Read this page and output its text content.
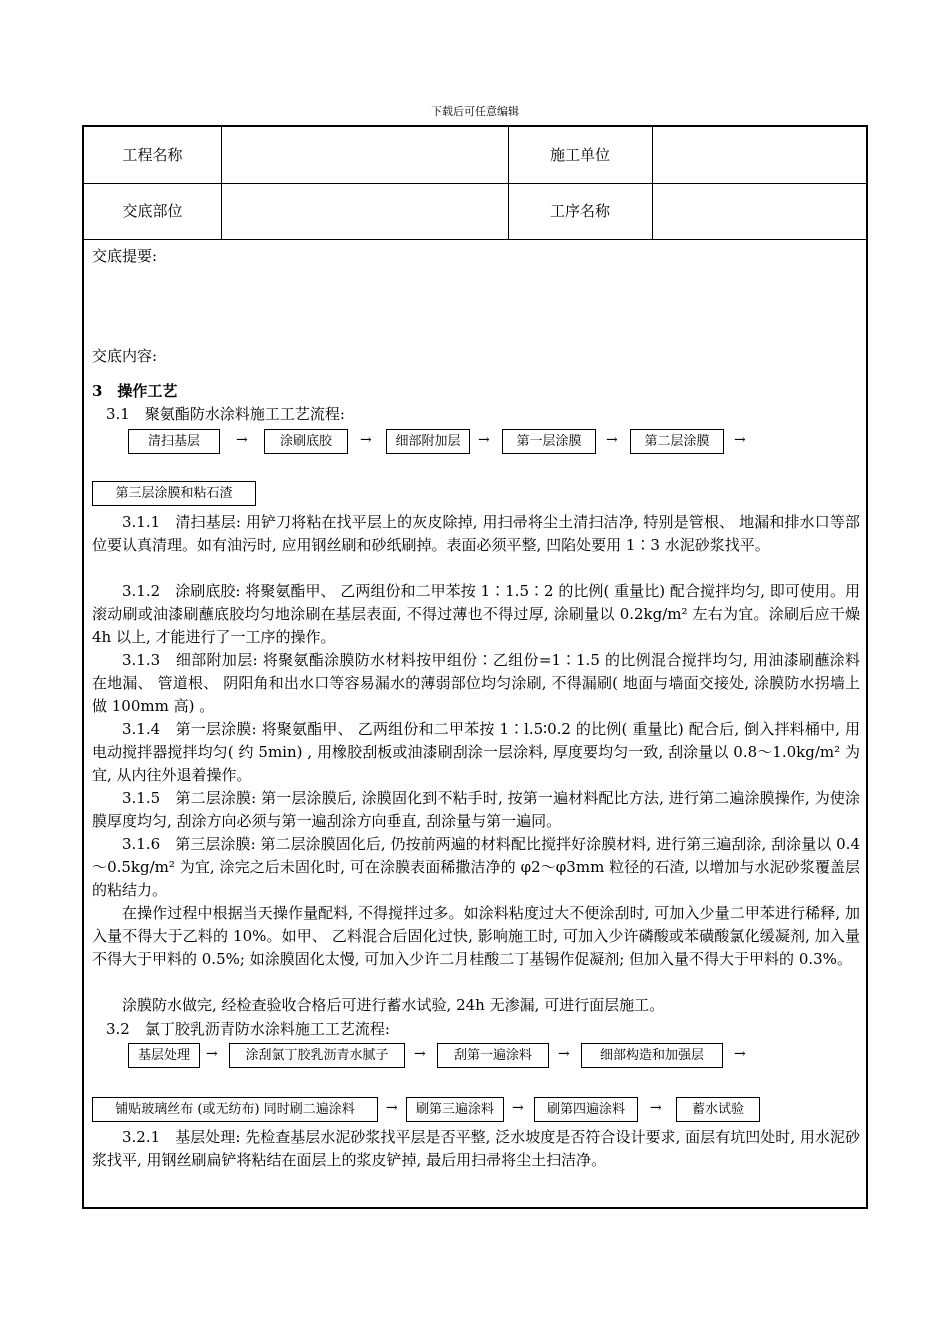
下载后可任意编辑
工程名称	施工单位
交底部位	工序名称
交底提要:
交底内容:
3　操作工艺
3.1　聚氨酯防水涂料施工工艺流程:
清扫基层	→	涂刷底胶	→	细部附加层	→	第一层涂膜	→	第二层涂膜	→
第三层涂膜和粘石渣
3.1.1　清扫基层: 用铲刀将粘在找平层上的灰皮除掉, 用扫帚将尘土清扫洁净, 特别是管根、 地漏和排水口等部位要认真清理。如有油污时, 应用钢丝刷和砂纸刷掉。表面必须平整, 凹陷处要用 1∶3 水泥砂浆找平。
3.1.2　涂刷底胶: 将聚氨酯甲、 乙两组份和二甲苯按 1∶1.5∶2 的比例( 重量比) 配合搅拌均匀, 即可使用。用滚动刷或油漆刷蘸底胶均匀地涂刷在基层表面, 不得过薄也不得过厚, 涂刷量以 0.2kg/m² 左右为宜。涂刷后应干燥 4h 以上, 才能进行了一工序的操作。
3.1.3　细部附加层: 将聚氨酯涂膜防水材料按甲组份∶乙组份=1∶1.5 的比例混合搅拌均匀, 用油漆刷蘸涂料在地漏、 管道根、 阴阳角和出水口等容易漏水的薄弱部位均匀涂刷, 不得漏刷( 地面与墙面交接处, 涂膜防水拐墙上做 100mm 高) 。
3.1.4　第一层涂膜: 将聚氨酯甲、 乙两组份和二甲苯按 1∶l.5∶0.2 的比例( 重量比) 配合后, 倒入拌料桶中, 用电动搅拌器搅拌均匀( 约 5min) , 用橡胶刮板或油漆刷刮涂一层涂料, 厚度要均匀一致, 刮涂量以 0.8～1.0kg/m² 为宜, 从内往外退着操作。
3.1.5　第二层涂膜: 第一层涂膜后, 涂膜固化到不粘手时, 按第一遍材料配比方法, 进行第二遍涂膜操作, 为使涂膜厚度均匀, 刮涂方向必须与第一遍刮涂方向垂直, 刮涂量与第一遍同。
3.1.6　第三层涂膜: 第二层涂膜固化后, 仍按前两遍的材料配比搅拌好涂膜材料, 进行第三遍刮涂, 刮涂量以 0.4～0.5kg/m² 为宜, 涂完之后未固化时, 可在涂膜表面稀撒洁净的 φ2～φ3mm 粒径的石渣, 以增加与水泥砂浆覆盖层的粘结力。
在操作过程中根据当天操作量配料, 不得搅拌过多。如涂料粘度过大不便涂刮时, 可加入少量二甲苯进行稀释, 加入量不得大于乙料的 10%。如甲、 乙料混合后固化过快, 影响施工时, 可加入少许磷酸或苯磺酸氯化缓凝剂, 加入量不得大于甲料的 0.5%; 如涂膜固化太慢, 可加入少许二月桂酸二丁基锡作促凝剂; 但加入量不得大于甲料的 0.3%。
涂膜防水做完, 经检查验收合格后可进行蓄水试验, 24h 无渗漏, 可进行面层施工。
3.2　氯丁胶乳沥青防水涂料施工工艺流程:
基层处理	→	涂刮氯丁胶乳沥青水腻子	→	刮第一遍涂料	→	细部构造和加强层	→
铺贴玻璃丝布 (或无纺布) 同时刷二遍涂料	→	刷第三遍涂料	→	刷第四遍涂料	→	蓄水试验
3.2.1　基层处理: 先检查基层水泥砂浆找平层是否平整, 泛水坡度是否符合设计要求, 面层有坑凹处时, 用水泥砂浆找平, 用钢丝刷扁铲将粘结在面层上的浆皮铲掉, 最后用扫帚将尘土扫洁净。
